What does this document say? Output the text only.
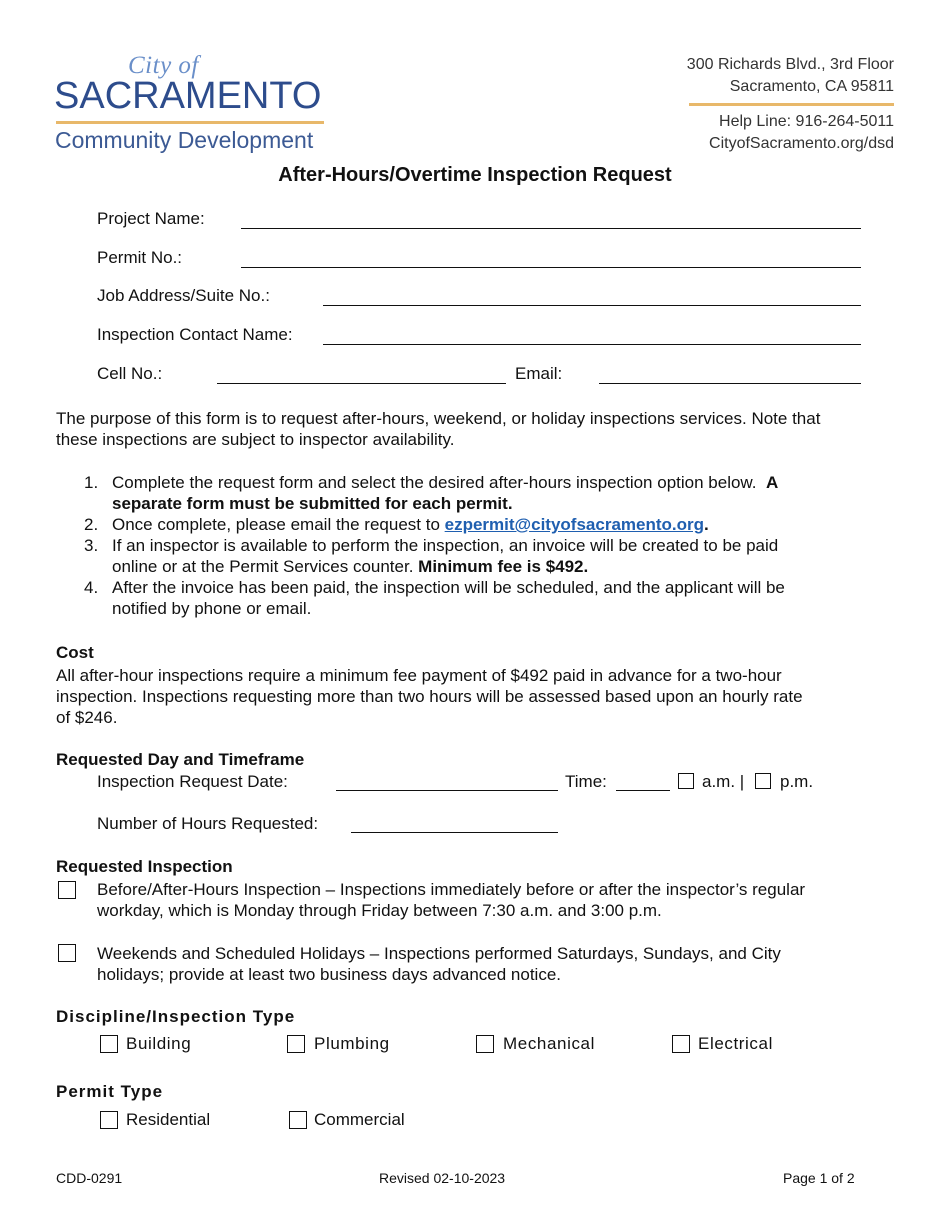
City of
SACRAMENTO
Community Development
300 Richards Blvd., 3rd Floor
Sacramento, CA 95811
Help Line: 916-264-5011
CityofSacramento.org/dsd
After-Hours/Overtime Inspection Request
Project Name:
Permit No.:
Job Address/Suite No.:
Inspection Contact Name:
Cell No.:	Email:
The purpose of this form is to request after-hours, weekend, or holiday inspections services. Note that
these inspections are subject to inspector availability.
1. Complete the request form and select the desired after-hours inspection option below. A
separate form must be submitted for each permit.
2. Once complete, please email the request to ezpermit@cityofsacramento.org.
3. If an inspector is available to perform the inspection, an invoice will be created to be paid
online or at the Permit Services counter. Minimum fee is $492.
4. After the invoice has been paid, the inspection will be scheduled, and the applicant will be
notified by phone or email.
Cost
All after-hour inspections require a minimum fee payment of $492 paid in advance for a two-hour
inspection. Inspections requesting more than two hours will be assessed based upon an hourly rate
of $246.
Requested Day and Timeframe
Inspection Request Date:	Time:	a.m. | p.m.
Number of Hours Requested:
Requested Inspection
Before/After-Hours Inspection – Inspections immediately before or after the inspector’s regular
workday, which is Monday through Friday between 7:30 a.m. and 3:00 p.m.
Weekends and Scheduled Holidays – Inspections performed Saturdays, Sundays, and City
holidays; provide at least two business days advanced notice.
Discipline/Inspection Type
Building	Plumbing	Mechanical	Electrical
Permit Type
Residential	Commercial
CDD-0291	Revised 02-10-2023	Page 1 of 2
